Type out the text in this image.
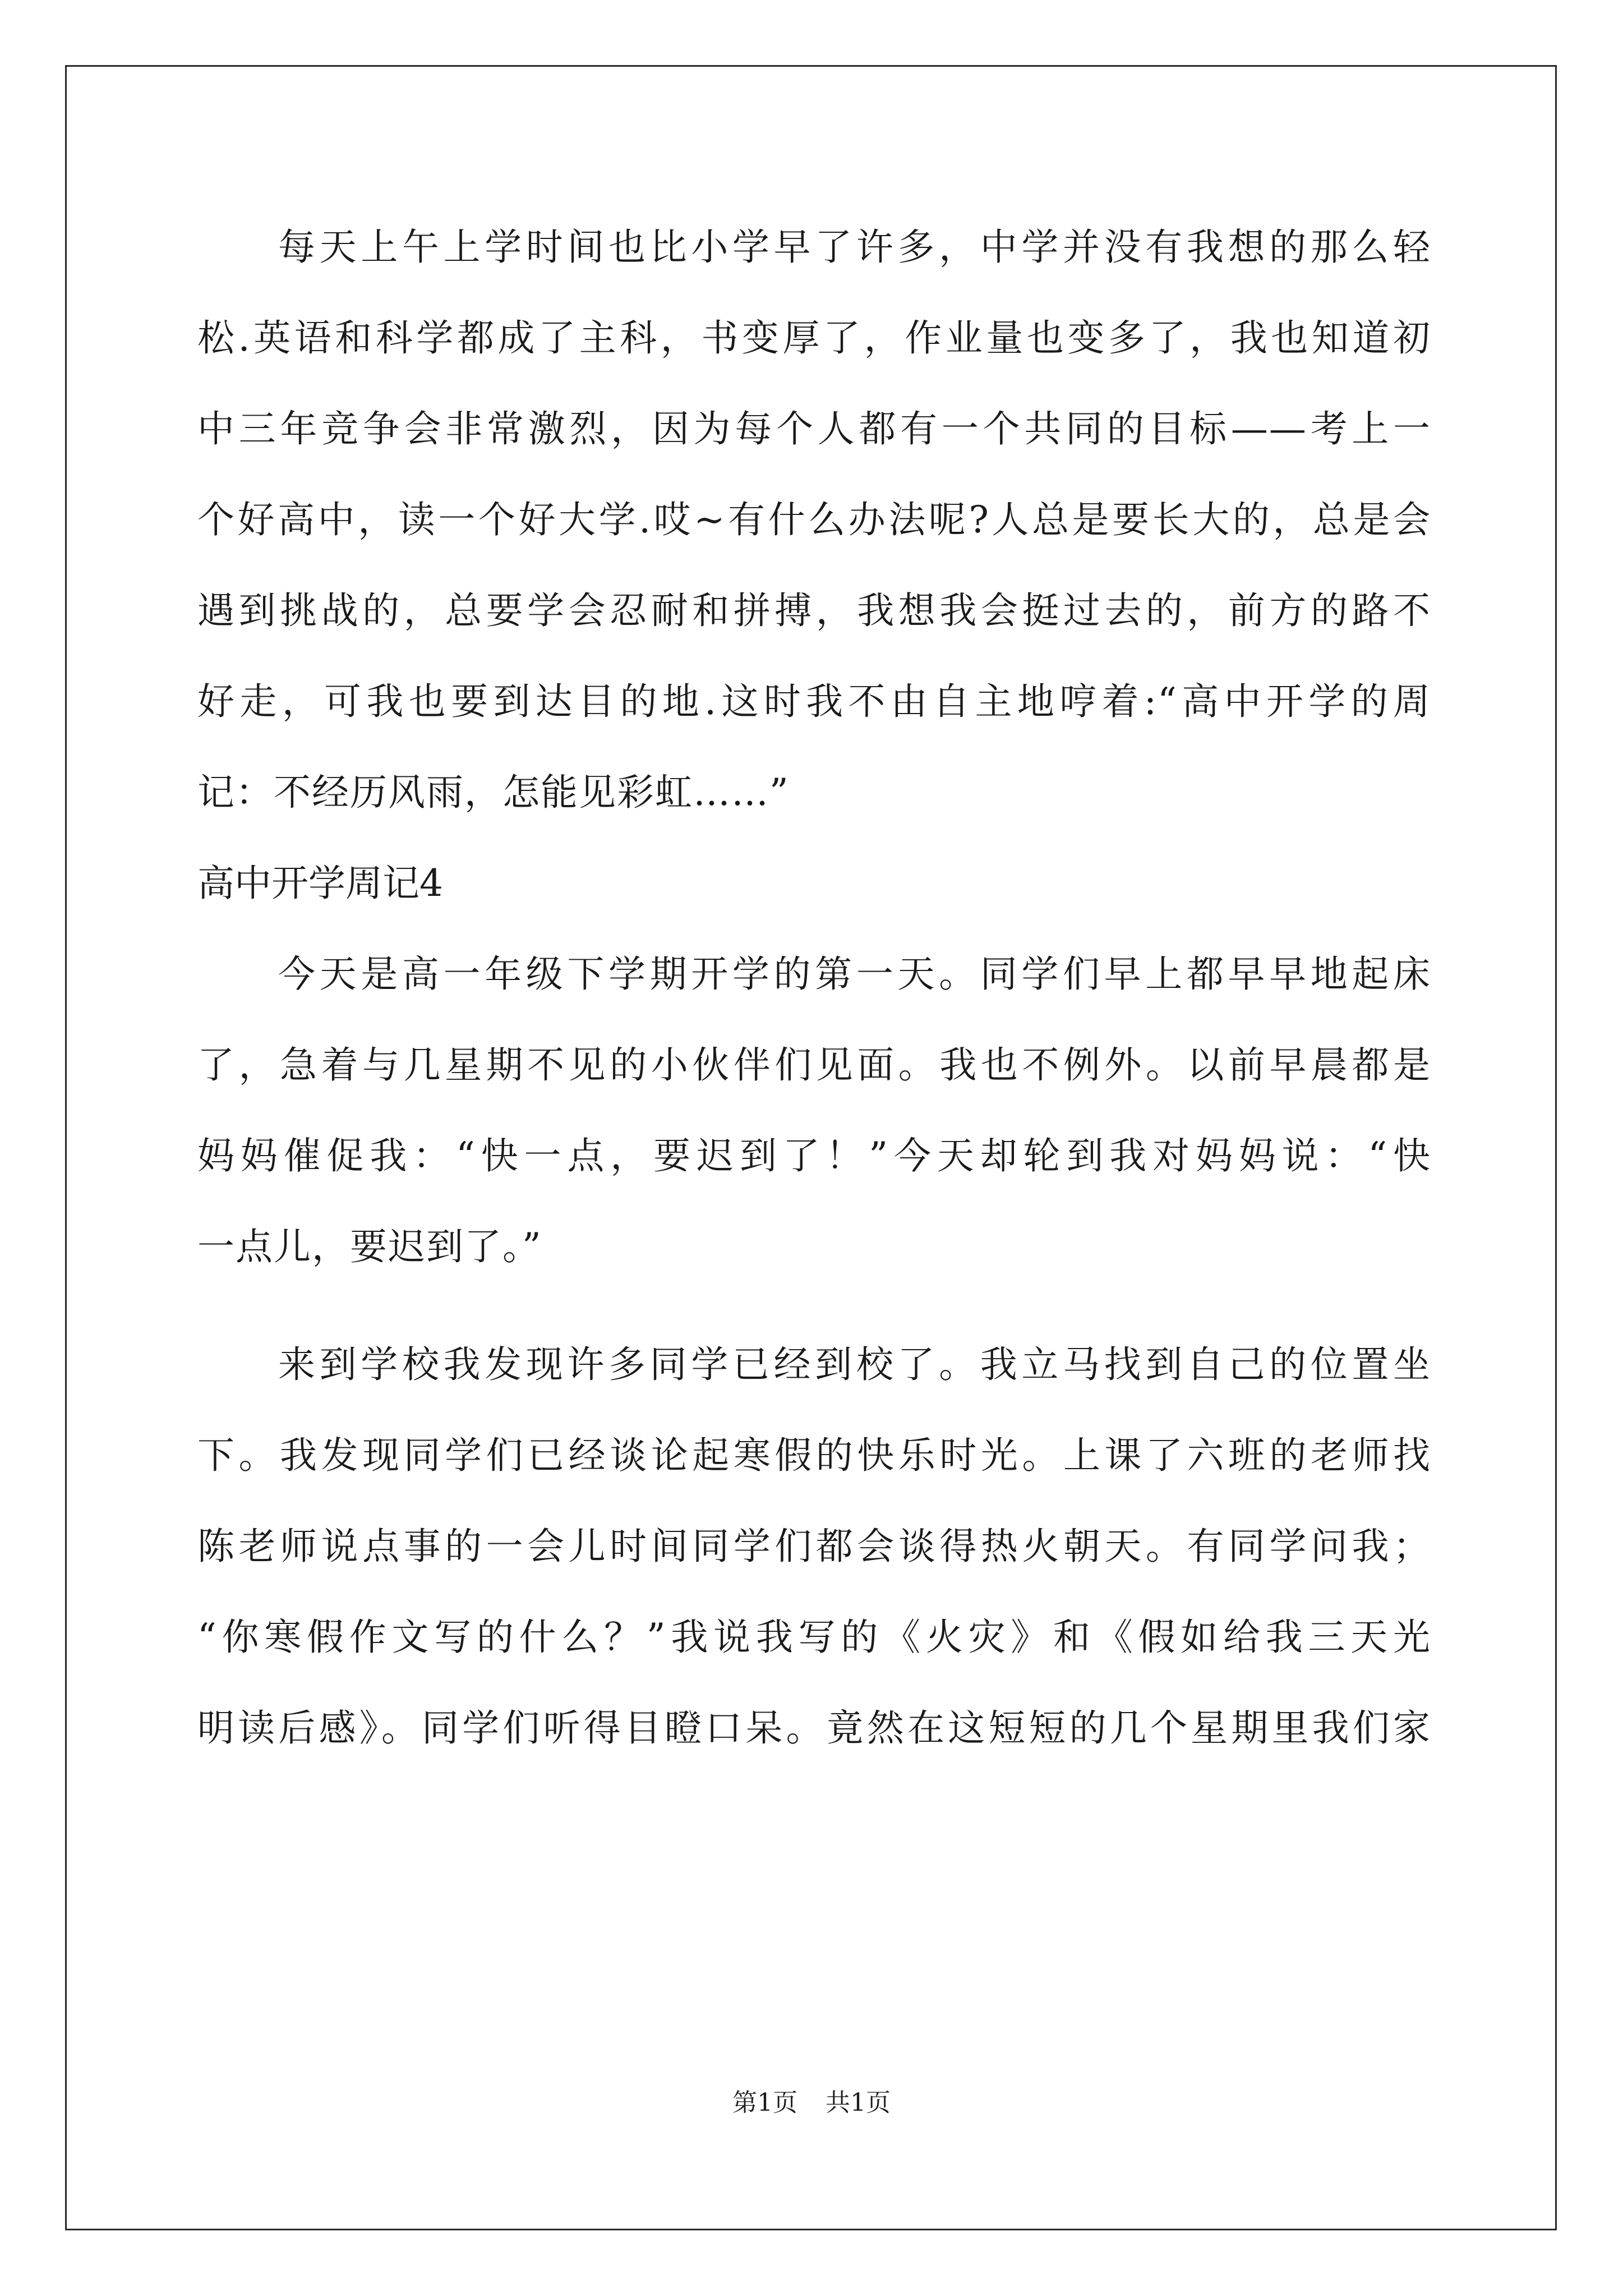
每天上午上学时间也比小学早了许多，中学并没有我想的那么轻
松.英语和科学都成了主科，书变厚了，作业量也变多了，我也知道初
中三年竞争会非常激烈，因为每个人都有一个共同的目标——考上一
个好高中，读一个好大学.哎~有什么办法呢?人总是要长大的，总是会
遇到挑战的，总要学会忍耐和拼搏，我想我会挺过去的，前方的路不
好走，可我也要到达目的地.这时我不由自主地哼着:“高中开学的周
记：不经历风雨，怎能见彩虹……”
高中开学周记4
今天是高一年级下学期开学的第一天。同学们早上都早早地起床
了，急着与几星期不见的小伙伴们见面。我也不例外。以前早晨都是
妈妈催促我：“快一点，要迟到了！”今天却轮到我对妈妈说：“快
一点儿，要迟到了。”
来到学校我发现许多同学已经到校了。我立马找到自己的位置坐
下。我发现同学们已经谈论起寒假的快乐时光。上课了六班的老师找
陈老师说点事的一会儿时间同学们都会谈得热火朝天。有同学问我；
“你寒假作文写的什么？”我说我写的《火灾》和《假如给我三天光
明读后感》。同学们听得目瞪口呆。竟然在这短短的几个星期里我们家
第1页 共1页
